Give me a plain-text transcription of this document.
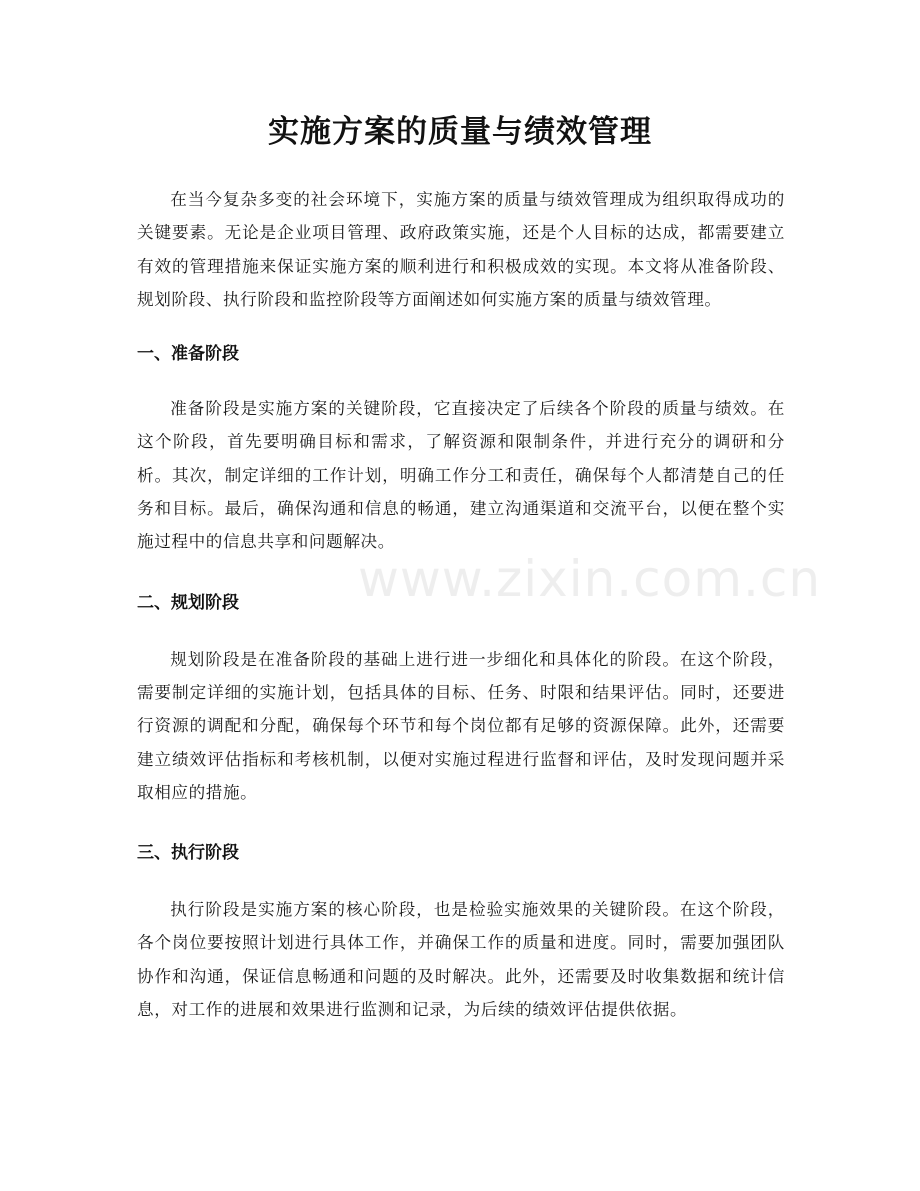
实施方案的质量与绩效管理

在当今复杂多变的社会环境下，实施方案的质量与绩效管理成为组织取得成功的关键要素。无论是企业项目管理、政府政策实施，还是个人目标的达成，都需要建立有效的管理措施来保证实施方案的顺利进行和积极成效的实现。本文将从准备阶段、规划阶段、执行阶段和监控阶段等方面阐述如何实施方案的质量与绩效管理。

一、准备阶段

准备阶段是实施方案的关键阶段，它直接决定了后续各个阶段的质量与绩效。在这个阶段，首先要明确目标和需求，了解资源和限制条件，并进行充分的调研和分析。其次，制定详细的工作计划，明确工作分工和责任，确保每个人都清楚自己的任务和目标。最后，确保沟通和信息的畅通，建立沟通渠道和交流平台，以便在整个实施过程中的信息共享和问题解决。

二、规划阶段

规划阶段是在准备阶段的基础上进行进一步细化和具体化的阶段。在这个阶段，需要制定详细的实施计划，包括具体的目标、任务、时限和结果评估。同时，还要进行资源的调配和分配，确保每个环节和每个岗位都有足够的资源保障。此外，还需要建立绩效评估指标和考核机制，以便对实施过程进行监督和评估，及时发现问题并采取相应的措施。

三、执行阶段

执行阶段是实施方案的核心阶段，也是检验实施效果的关键阶段。在这个阶段，各个岗位要按照计划进行具体工作，并确保工作的质量和进度。同时，需要加强团队协作和沟通，保证信息畅通和问题的及时解决。此外，还需要及时收集数据和统计信息，对工作的进展和效果进行监测和记录，为后续的绩效评估提供依据。

www.zixin.com.cn
